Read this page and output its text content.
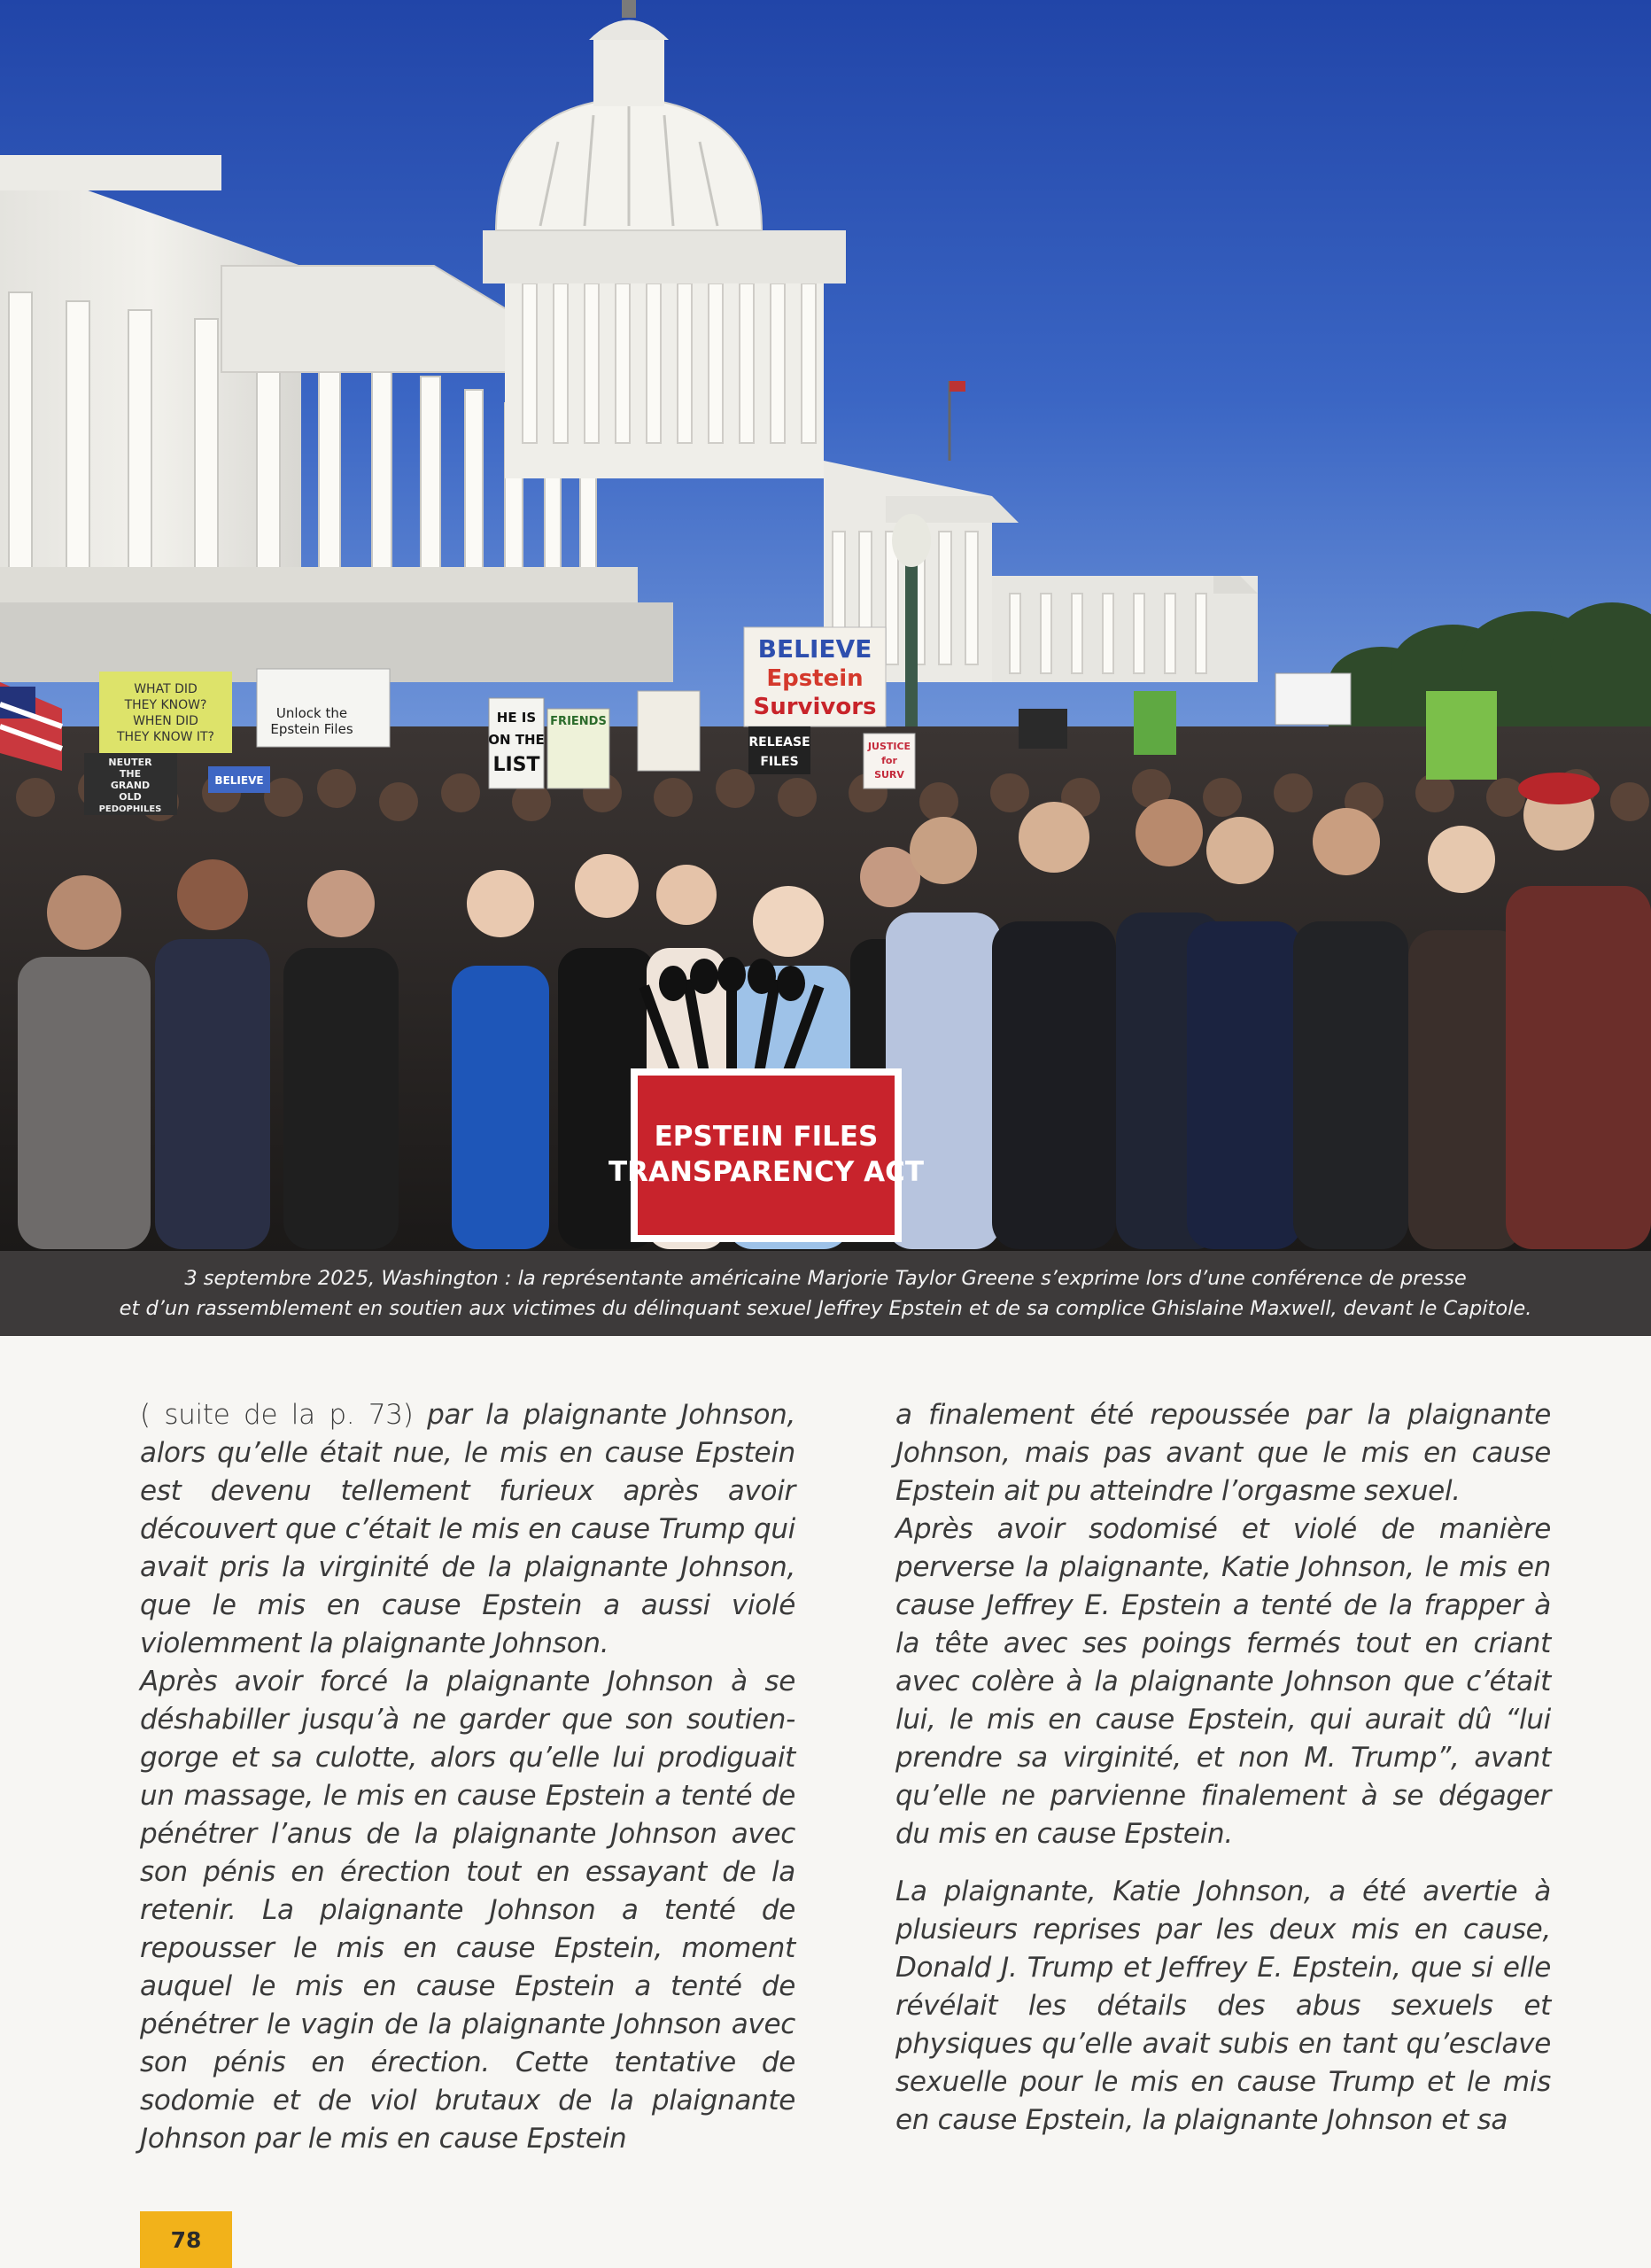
BELIEVE
Epstein
Survivors
WHAT DID
THEY KNOW?
WHEN DID
THEY KNOW IT?
Unlock the
Epstein Files
HE IS
ON THE
LIST
FRIENDS
RELEASE
FILES
NEUTER
THE
GRAND
OLD
PEDOPHILES
BELIEVE
JUSTICE
for
SURV
EPSTEIN FILES
TRANSPARENCY ACT
3 septembre 2025, Washington : la représentante américaine Marjorie Taylor Greene s’exprime lors d’une conférence de presse
et d’un rassemblement en soutien aux victimes du délinquant sexuel Jeffrey Epstein et de sa complice Ghislaine Maxwell, devant le Capitole.

( suite de la p. 73) par la plaignante Johnson, alors qu’elle était nue, le mis en cause Epstein est devenu tellement furieux après avoir découvert que c’était le mis en cause Trump qui avait pris la virginité de la plaignante Johnson, que le mis en cause Epstein a aussi violé violemment la plaignante Johnson.

Après avoir forcé la plaignante Johnson à se déshabiller jusqu’à ne garder que son soutien-gorge et sa culotte, alors qu’elle lui prodiguait un massage, le mis en cause Epstein a tenté de pénétrer l’anus de la plaignante Johnson avec son pénis en érection tout en essayant de la retenir. La plaignante Johnson a tenté de repousser le mis en cause Epstein, moment auquel le mis en cause Epstein a tenté de pénétrer le vagin de la plaignante Johnson avec son pénis en érection. Cette tentative de sodomie et de viol brutaux de la plaignante Johnson par le mis en cause Epstein

a finalement été repoussée par la plaignante Johnson, mais pas avant que le mis en cause Epstein ait pu atteindre l’orgasme sexuel.

Après avoir sodomisé et violé de manière perverse la plaignante, Katie Johnson, le mis en cause Jeffrey E. Epstein a tenté de la frapper à la tête avec ses poings fermés tout en criant avec colère à la plaignante Johnson que c’était lui, le mis en cause Epstein, qui aurait dû “lui prendre sa virginité, et non M. Trump”, avant qu’elle ne parvienne finalement à se dégager du mis en cause Epstein.

La plaignante, Katie Johnson, a été avertie à plusieurs reprises par les deux mis en cause, Donald J. Trump et Jeffrey E. Epstein, que si elle révélait les détails des abus sexuels et physiques qu’elle avait subis en tant qu’esclave sexuelle pour le mis en cause Trump et le mis en cause Epstein, la plaignante Johnson et sa

78
